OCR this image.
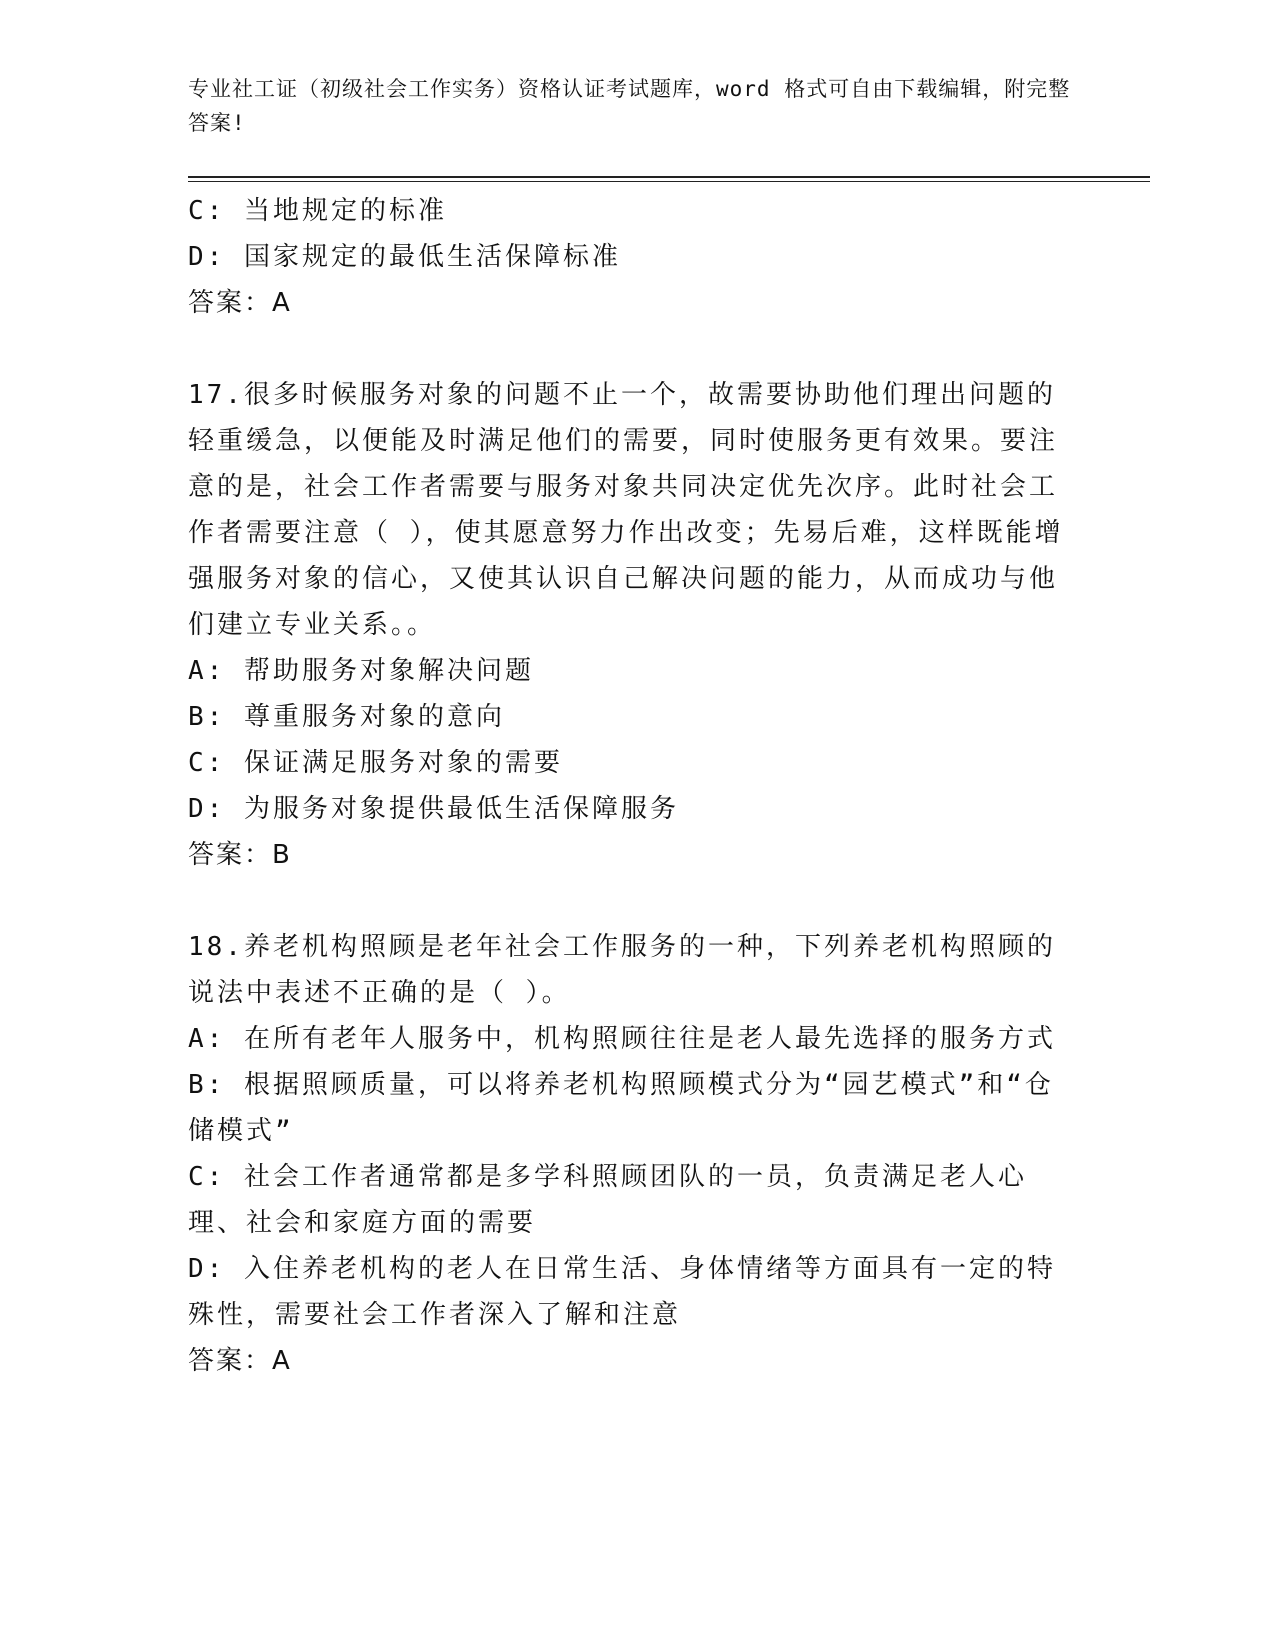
专业社工证（初级社会工作实务）资格认证考试题库，word 格式可自由下载编辑，附完整答案!

C: 当地规定的标准

D: 国家规定的最低生活保障标准

答案：A

17.很多时候服务对象的问题不止一个，故需要协助他们理出问题的轻重缓急，以便能及时满足他们的需要，同时使服务更有效果。要注意的是，社会工作者需要与服务对象共同决定优先次序。此时社会工作者需要注意（ ），使其愿意努力作出改变；先易后难，这样既能增强服务对象的信心，又使其认识自己解决问题的能力，从而成功与他们建立专业关系。。

A: 帮助服务对象解决问题

B: 尊重服务对象的意向

C: 保证满足服务对象的需要

D: 为服务对象提供最低生活保障服务

答案：B

18.养老机构照顾是老年社会工作服务的一种，下列养老机构照顾的说法中表述不正确的是（ ）。

A: 在所有老年人服务中，机构照顾往往是老人最先选择的服务方式

B: 根据照顾质量，可以将养老机构照顾模式分为“园艺模式”和“仓储模式”

C: 社会工作者通常都是多学科照顾团队的一员，负责满足老人心理、社会和家庭方面的需要

D: 入住养老机构的老人在日常生活、身体情绪等方面具有一定的特殊性，需要社会工作者深入了解和注意

答案：A
